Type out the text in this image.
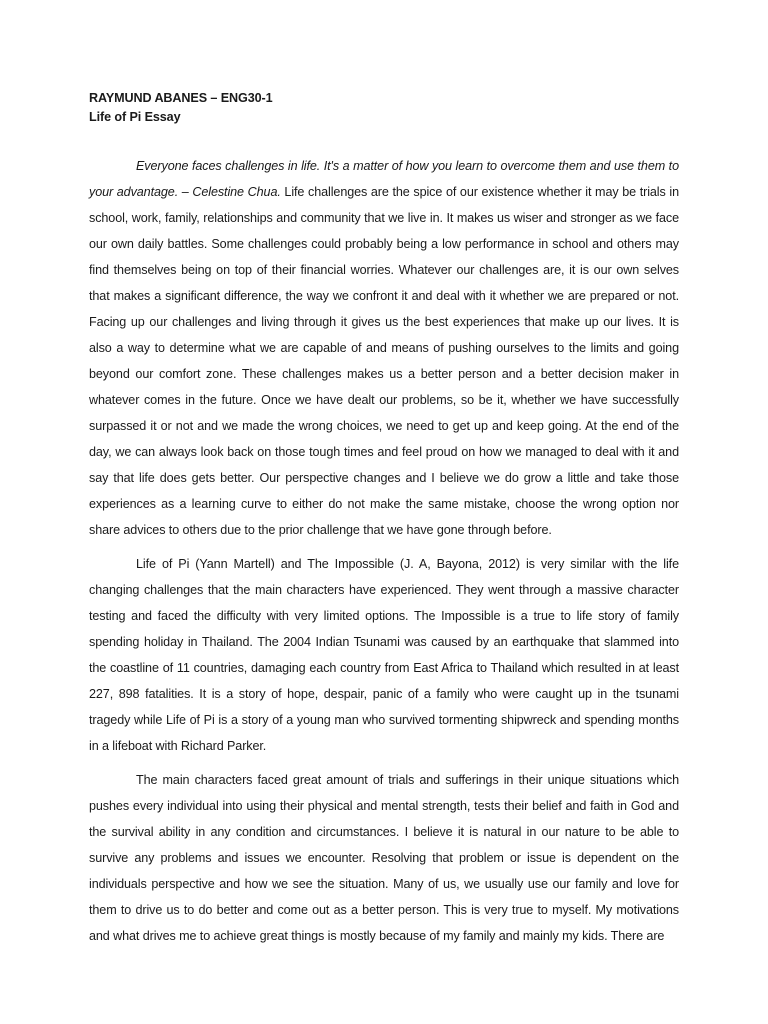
RAYMUND ABANES – ENG30-1
Life of Pi Essay

Everyone faces challenges in life. It's a matter of how you learn to overcome them and use them to your advantage. – Celestine Chua. Life challenges are the spice of our existence whether it may be trials in school, work, family, relationships and community that we live in. It makes us wiser and stronger as we face our own daily battles. Some challenges could probably being a low performance in school and others may find themselves being on top of their financial worries. Whatever our challenges are, it is our own selves that makes a significant difference, the way we confront it and deal with it whether we are prepared or not. Facing up our challenges and living through it gives us the best experiences that make up our lives. It is also a way to determine what we are capable of and means of pushing ourselves to the limits and going beyond our comfort zone. These challenges makes us a better person and a better decision maker in whatever comes in the future. Once we have dealt our problems, so be it, whether we have successfully surpassed it or not and we made the wrong choices, we need to get up and keep going. At the end of the day, we can always look back on those tough times and feel proud on how we managed to deal with it and say that life does gets better. Our perspective changes and I believe we do grow a little and take those experiences as a learning curve to either do not make the same mistake, choose the wrong option nor share advices to others due to the prior challenge that we have gone through before.

Life of Pi (Yann Martell) and The Impossible (J. A, Bayona, 2012) is very similar with the life changing challenges that the main characters have experienced. They went through a massive character testing and faced the difficulty with very limited options. The Impossible is a true to life story of family spending holiday in Thailand. The 2004 Indian Tsunami was caused by an earthquake that slammed into the coastline of 11 countries, damaging each country from East Africa to Thailand which resulted in at least 227, 898 fatalities. It is a story of hope, despair, panic of a family who were caught up in the tsunami tragedy while Life of Pi is a story of a young man who survived tormenting shipwreck and spending months in a lifeboat with Richard Parker.

The main characters faced great amount of trials and sufferings in their unique situations which pushes every individual into using their physical and mental strength, tests their belief and faith in God and the survival ability in any condition and circumstances. I believe it is natural in our nature to be able to survive any problems and issues we encounter. Resolving that problem or issue is dependent on the individuals perspective and how we see the situation. Many of us, we usually use our family and love for them to drive us to do better and come out as a better person. This is very true to myself. My motivations and what drives me to achieve great things is mostly because of my family and mainly my kids. There are
